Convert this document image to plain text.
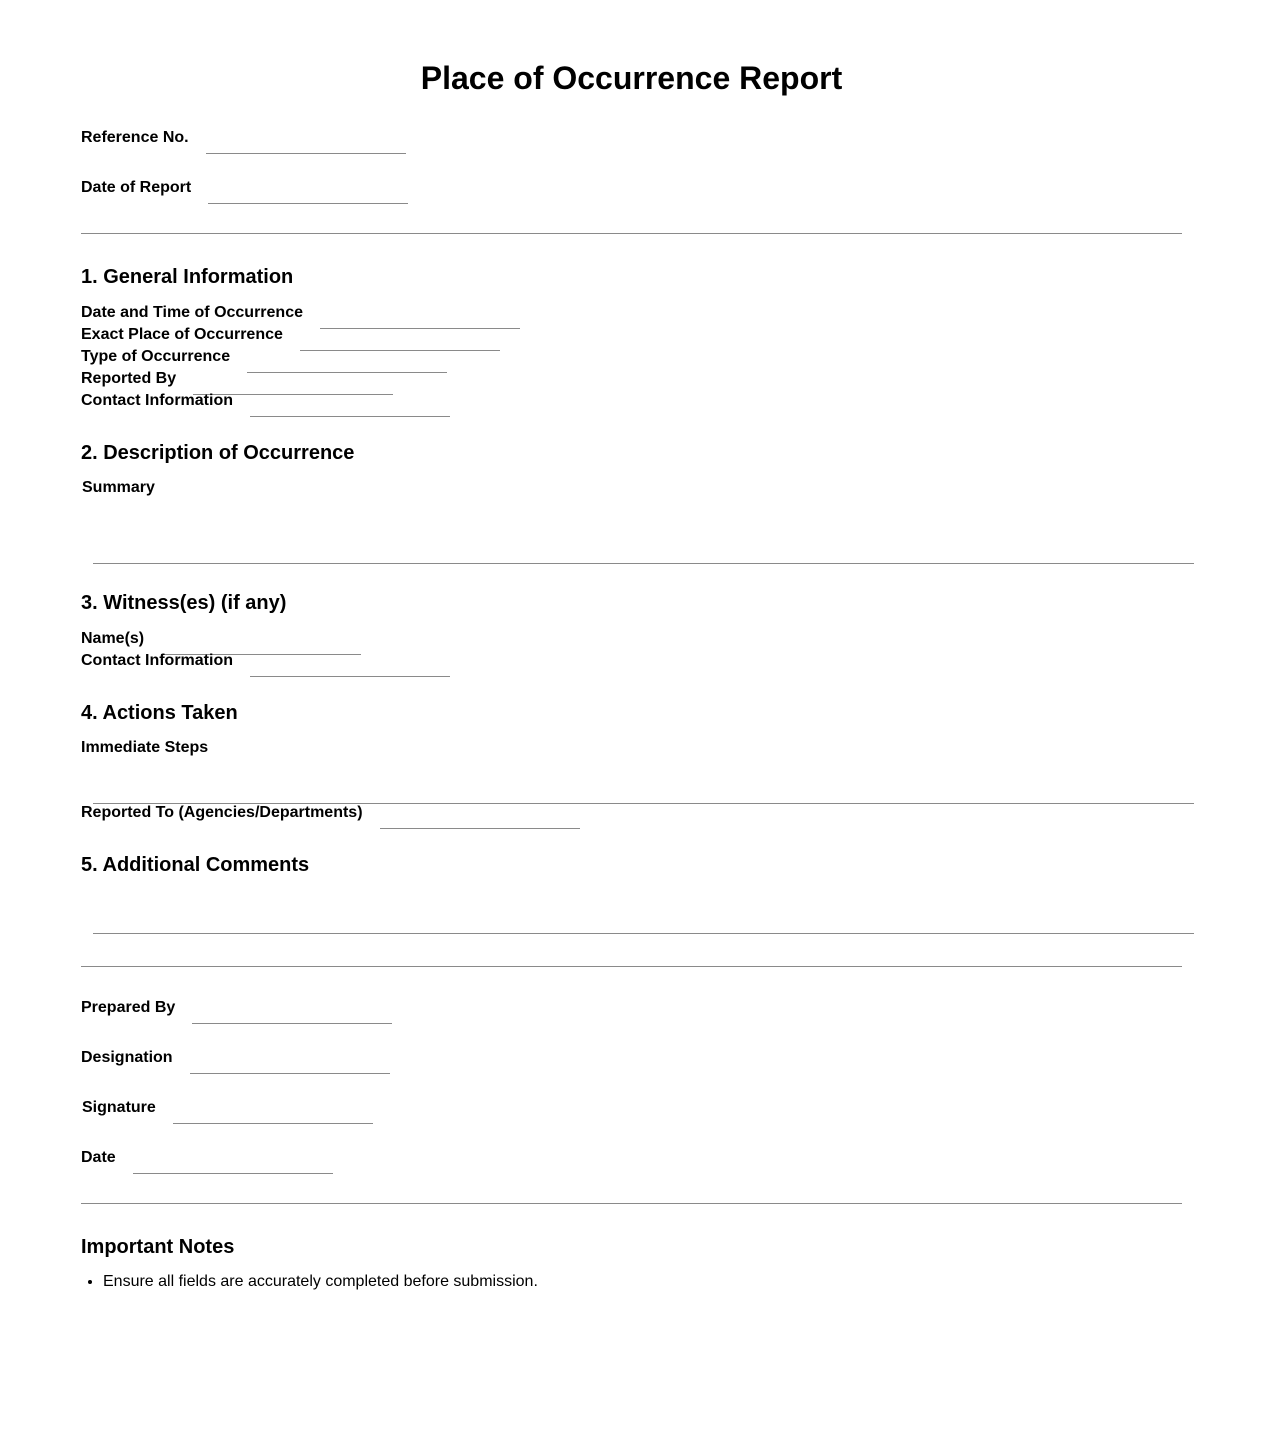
Place of Occurrence Report
Reference No.
Date of Report
1. General Information
Date and Time of Occurrence
Exact Place of Occurrence
Type of Occurrence
Reported By
Contact Information
2. Description of Occurrence
Summary
3. Witness(es) (if any)
Name(s)
Contact Information
4. Actions Taken
Immediate Steps
Reported To (Agencies/Departments)
5. Additional Comments
Prepared By
Designation
Signature
Date
Important Notes
• Ensure all fields are accurately completed before submission.
